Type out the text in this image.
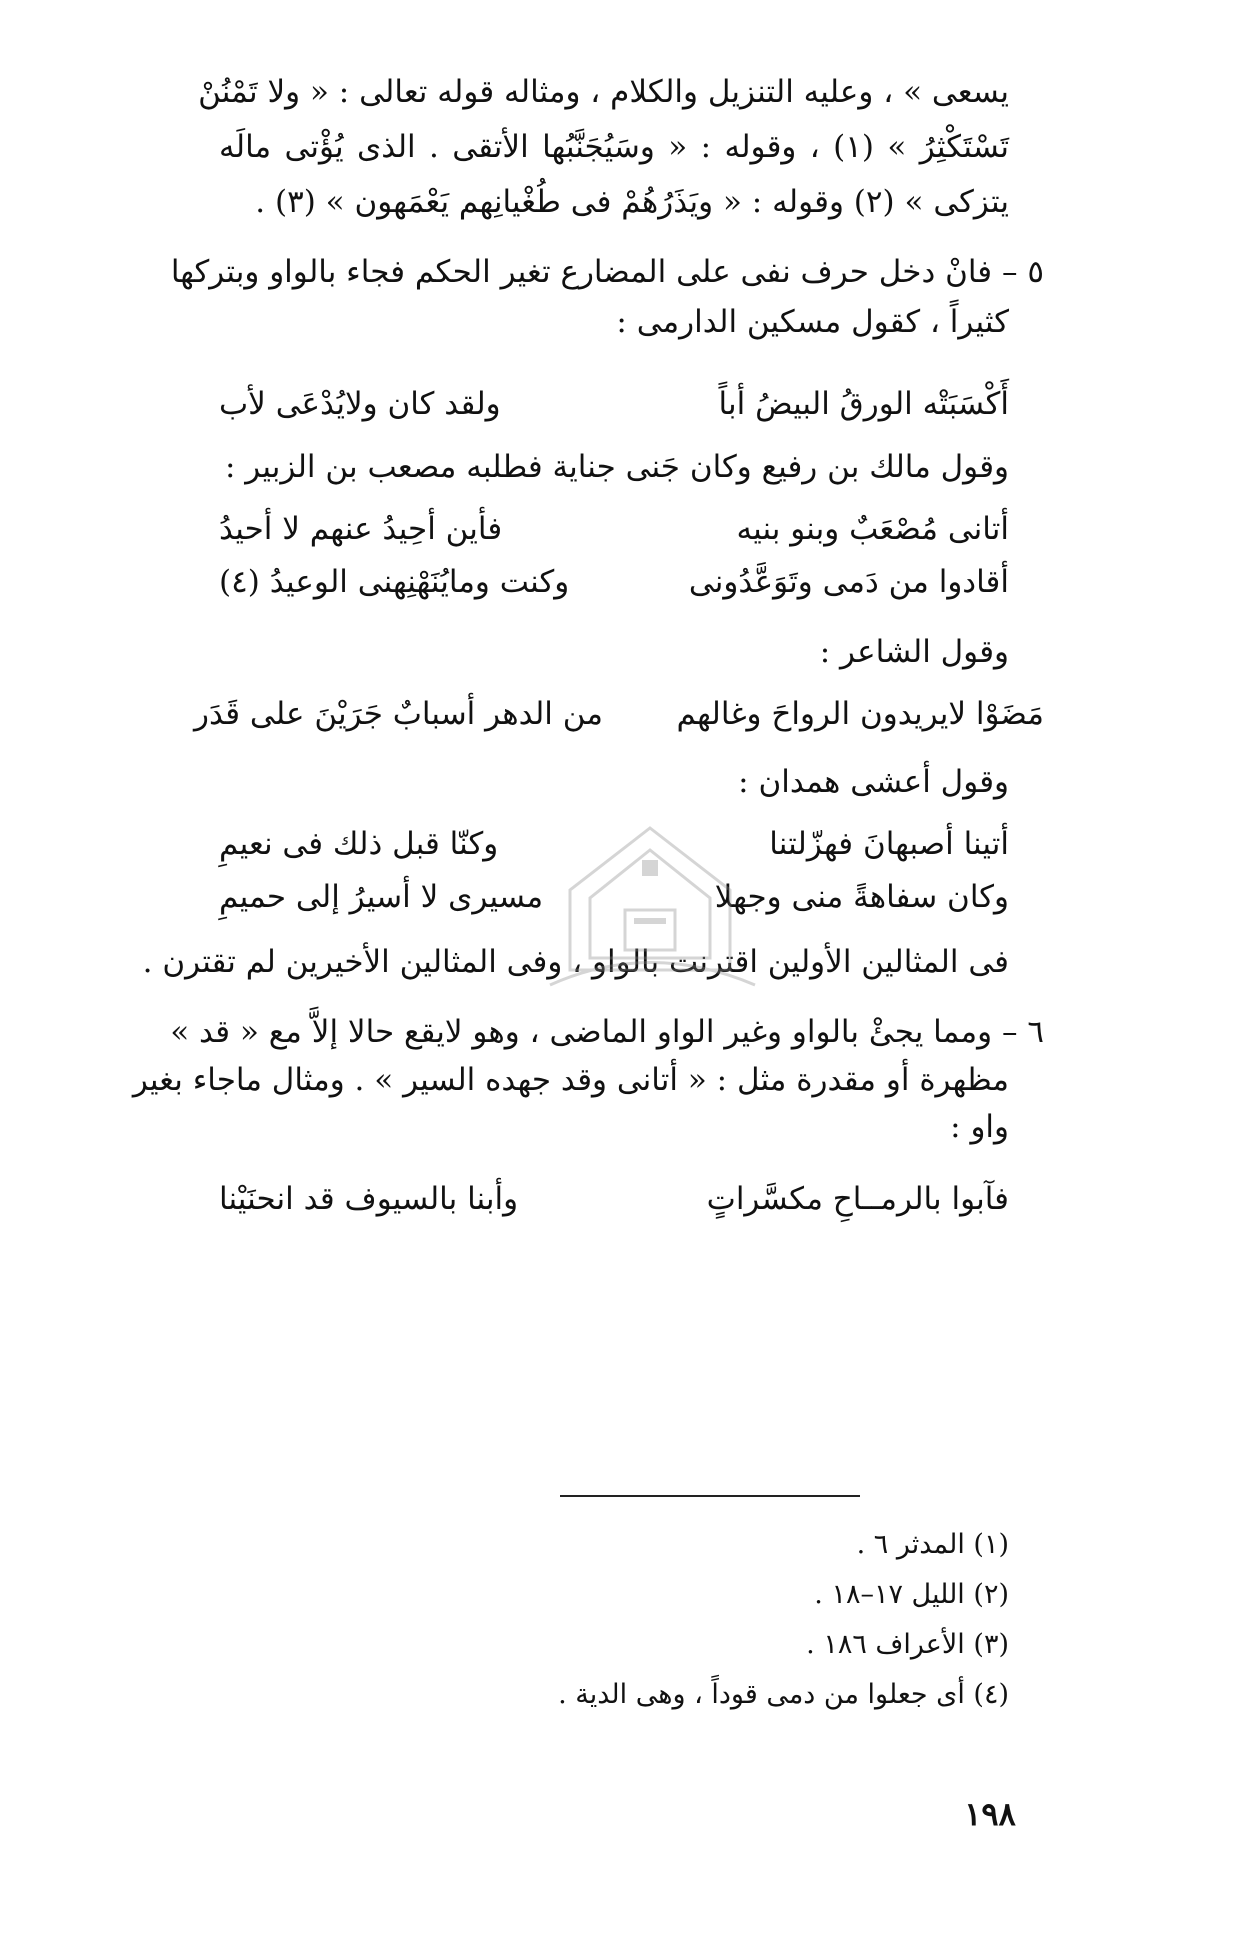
يسعى » ، وعليه التنزيل والكلام ، ومثاله قوله تعالى : « ولا تَمْنُنْ
تَسْتَكْثِرُ » (١) ، وقوله : « وسَيُجَنَّبُها الأتقى . الذى يُؤْتى مالَه
يتزكى » (٢) وقوله : « ويَذَرُهُمْ فى طُغْيانِهم يَعْمَهون » (٣) .
٥ – فانْ دخل حرف نفى على المضارع تغير الحكم فجاء بالواو وبتركها
كثيراً ، كقول مسكين الدارمى :
أَكْسَبَتْه الورقُ البيضُ أباً
ولقد كان ولايُدْعَى لأب
وقول مالك بن رفيع وكان جَنى جناية فطلبه مصعب بن الزبير :
أتانى مُصْعَبٌ وبنو بنيه
فأين أحِيدُ عنهم لا أحيدُ
أقادوا من دَمى وتَوَعَّدُونى
وكنت ومايُنَهْنِهنى الوعيدُ (٤)
وقول الشاعر :
مَضَوْا لايريدون الرواحَ وغالهم
من الدهر أسبابٌ جَرَيْنَ على قَدَر
وقول أعشى همدان :
أتينا أصبهانَ فهزّلتنا
وكنّا قبل ذلك فى نعيمِ
وكان سفاهةً منى وجهلا
مسيرى لا أسيرُ إلى حميمِ
فى المثالين الأولين اقترنت بالواو ، وفى المثالين الأخيرين لم تقترن .
٦ – ومما يجئْ بالواو وغير الواو الماضى ، وهو لايقع حالا إلاَّ مع « قد »
مظهرة أو مقدرة مثل : « أتانى وقد جهده السير » . ومثال ماجاء بغير
واو :
فآبوا بالرمــاحِ مكسَّراتٍ
وأبنا بالسيوف قد انحنَيْنا
(١) المدثر ٦ .
(٢) الليل ١٧–١٨ .
(٣) الأعراف ١٨٦ .
(٤) أى جعلوا من دمى قوداً ، وهى الدية .
١٩٨
